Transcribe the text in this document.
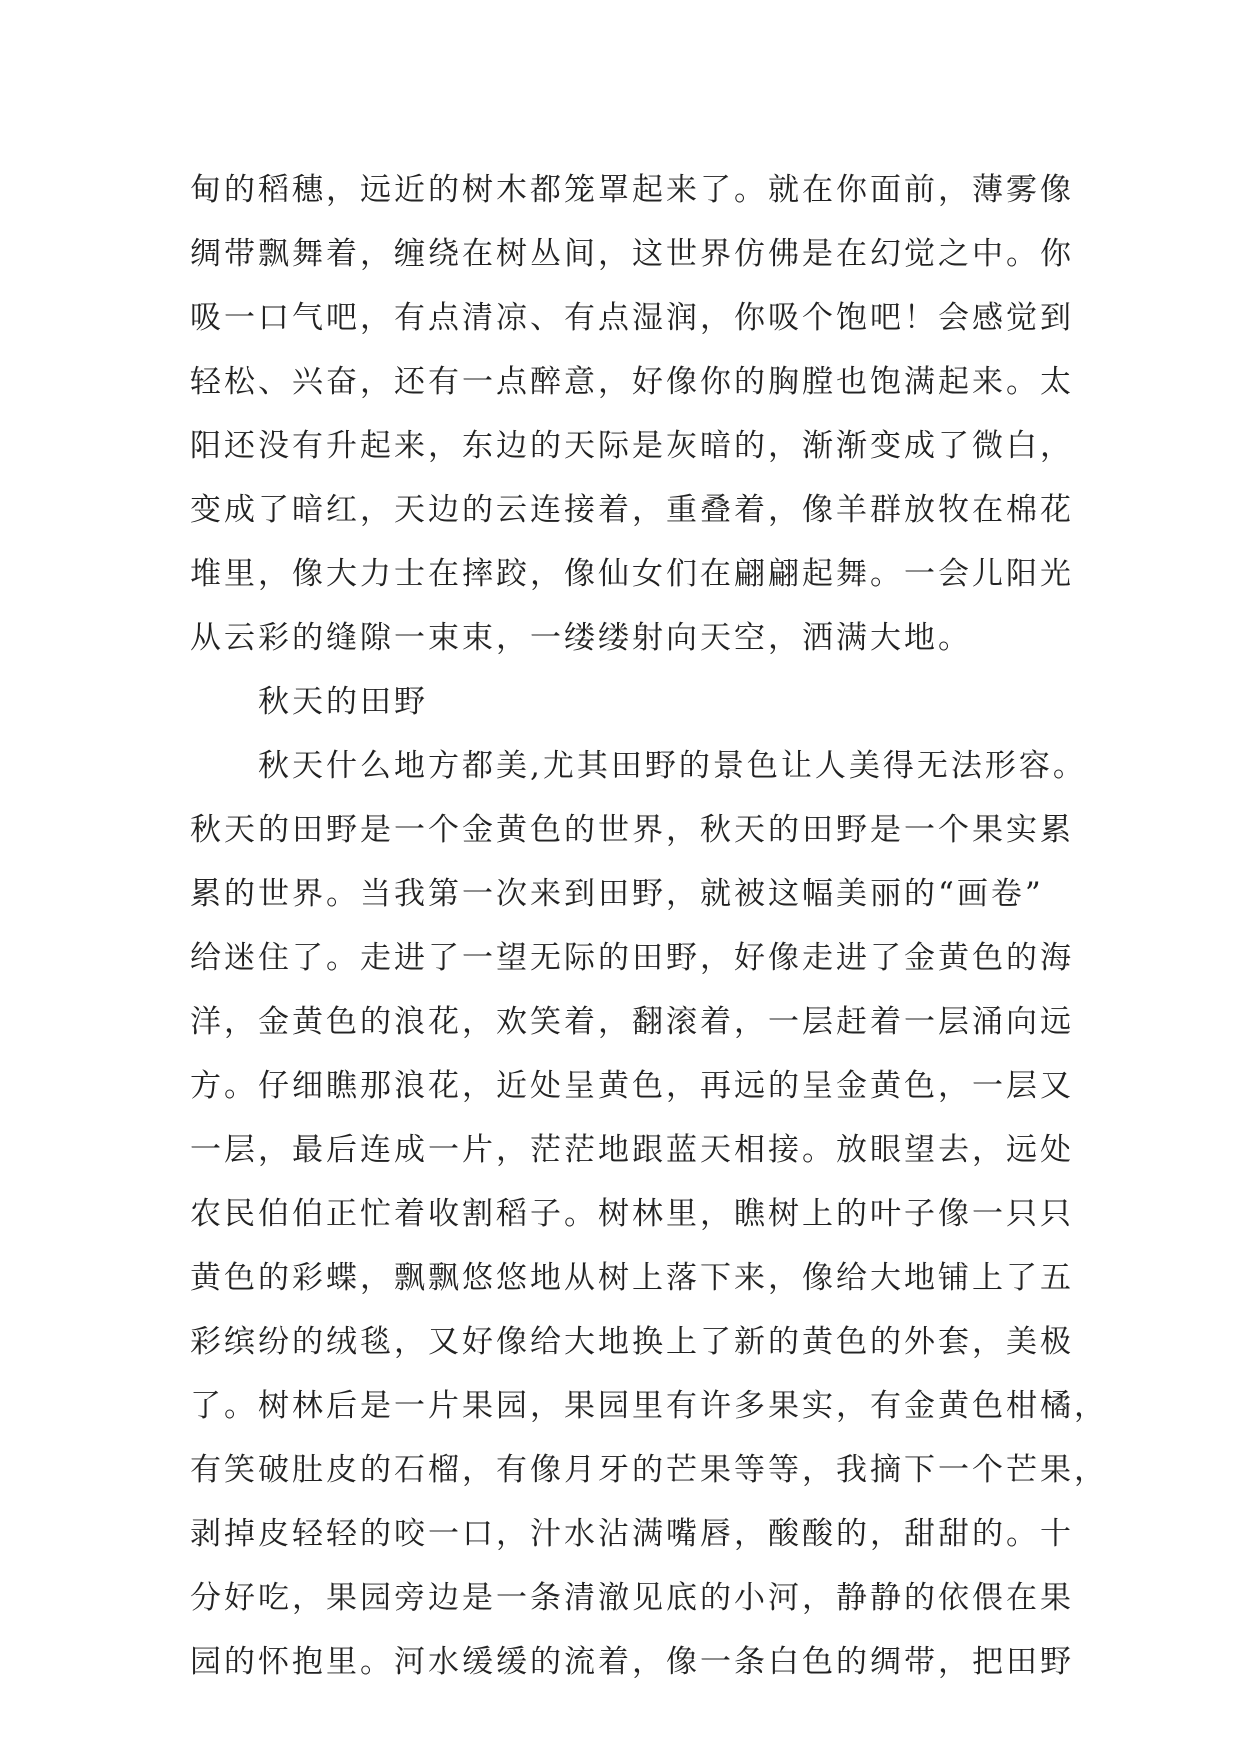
甸的稻穗，远近的树木都笼罩起来了。就在你面前，薄雾像
绸带飘舞着，缠绕在树丛间，这世界仿佛是在幻觉之中。你
吸一口气吧，有点清凉、有点湿润，你吸个饱吧！会感觉到
轻松、兴奋，还有一点醉意，好像你的胸膛也饱满起来。太
阳还没有升起来，东边的天际是灰暗的，渐渐变成了微白，
变成了暗红，天边的云连接着，重叠着，像羊群放牧在棉花
堆里，像大力士在摔跤，像仙女们在翩翩起舞。一会儿阳光
从云彩的缝隙一束束，一缕缕射向天空，洒满大地。
秋天的田野
秋天什么地方都美,尤其田野的景色让人美得无法形容。
秋天的田野是一个金黄色的世界，秋天的田野是一个果实累
累的世界。当我第一次来到田野，就被这幅美丽的“画卷”
给迷住了。走进了一望无际的田野，好像走进了金黄色的海
洋，金黄色的浪花，欢笑着，翻滚着，一层赶着一层涌向远
方。仔细瞧那浪花，近处呈黄色，再远的呈金黄色，一层又
一层，最后连成一片，茫茫地跟蓝天相接。放眼望去，远处
农民伯伯正忙着收割稻子。树林里，瞧树上的叶子像一只只
黄色的彩蝶，飘飘悠悠地从树上落下来，像给大地铺上了五
彩缤纷的绒毯，又好像给大地换上了新的黄色的外套，美极
了。树林后是一片果园，果园里有许多果实，有金黄色柑橘，
有笑破肚皮的石榴，有像月牙的芒果等等，我摘下一个芒果，
剥掉皮轻轻的咬一口，汁水沾满嘴唇，酸酸的，甜甜的。十
分好吃，果园旁边是一条清澈见底的小河，静静的依偎在果
园的怀抱里。河水缓缓的流着，像一条白色的绸带，把田野
